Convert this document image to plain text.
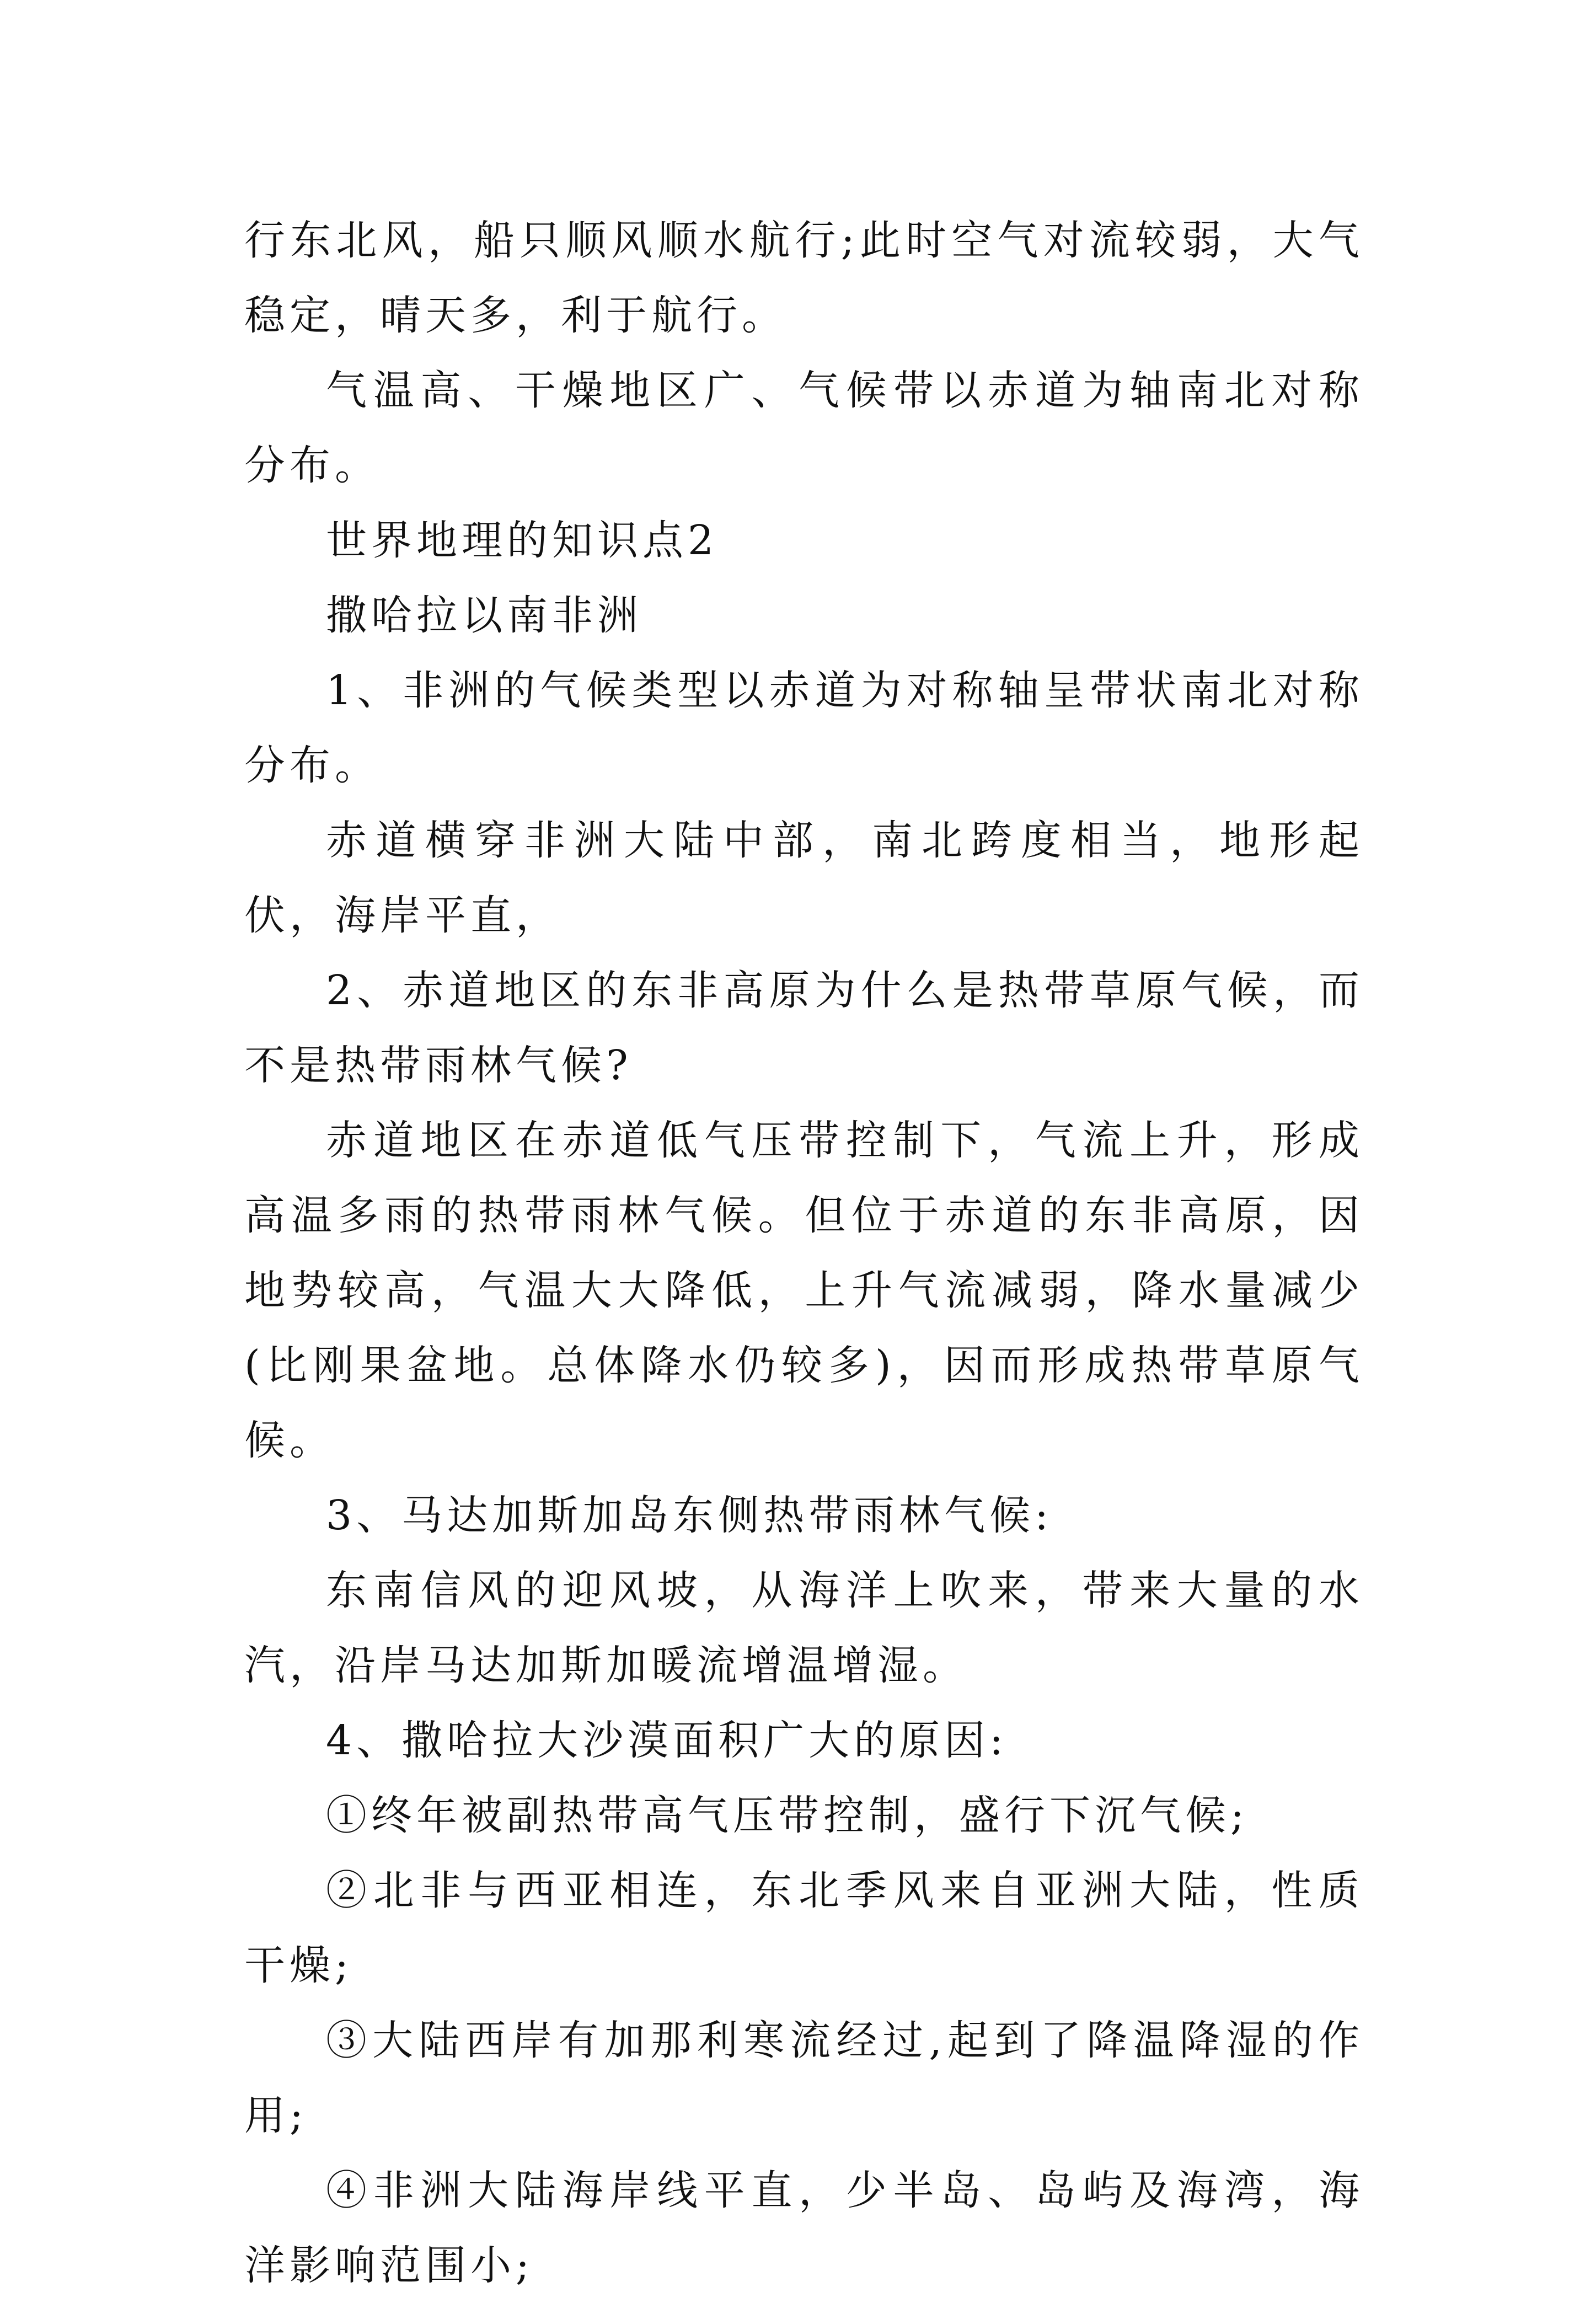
行东北风，船只顺风顺水航行;此时空气对流较弱，大气稳定，晴天多，利于航行。

气温高、干燥地区广、气候带以赤道为轴南北对称分布。

世界地理的知识点2

撒哈拉以南非洲

1、非洲的气候类型以赤道为对称轴呈带状南北对称分布。

赤道横穿非洲大陆中部，南北跨度相当，地形起伏，海岸平直，

2、赤道地区的东非高原为什么是热带草原气候，而不是热带雨林气候?

赤道地区在赤道低气压带控制下，气流上升，形成高温多雨的热带雨林气候。但位于赤道的东非高原，因地势较高，气温大大降低，上升气流减弱，降水量减少(比刚果盆地。总体降水仍较多)，因而形成热带草原气候。

3、马达加斯加岛东侧热带雨林气候:

东南信风的迎风坡，从海洋上吹来，带来大量的水汽，沿岸马达加斯加暖流增温增湿。

4、撒哈拉大沙漠面积广大的原因:

①终年被副热带高气压带控制，盛行下沉气候;

②北非与西亚相连，东北季风来自亚洲大陆，性质干燥;

③大陆西岸有加那利寒流经过,起到了降温降湿的作用;

④非洲大陆海岸线平直，少半岛、岛屿及海湾，海洋影响范围小;
